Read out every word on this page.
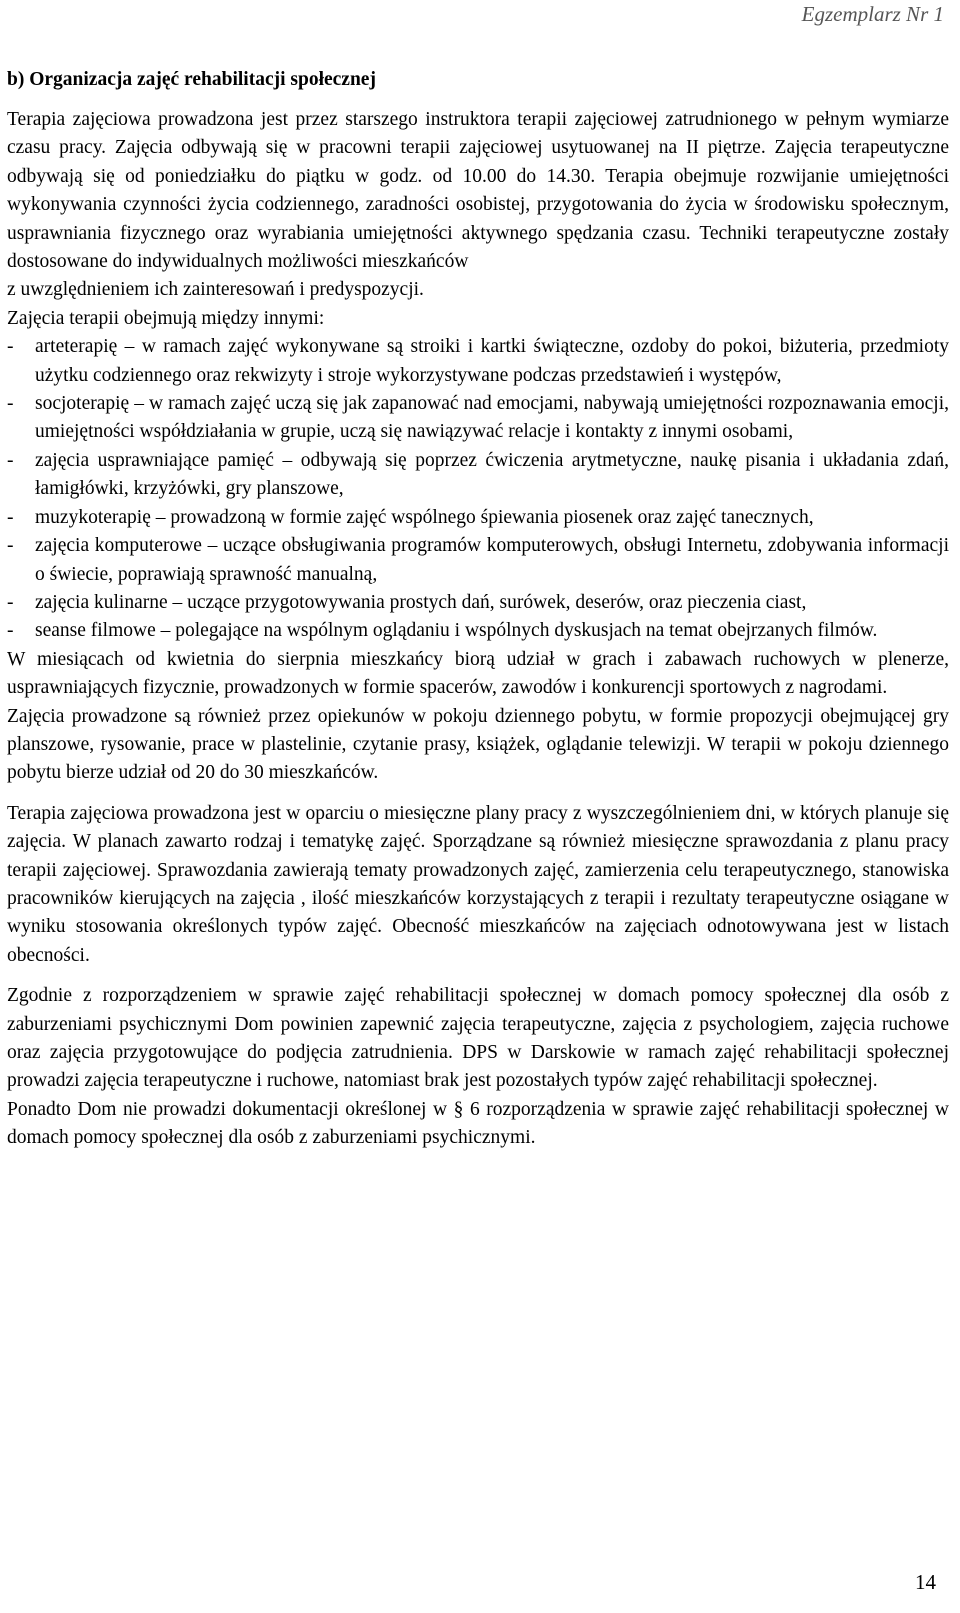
Egzemplarz Nr 1
b) Organizacja zajęć rehabilitacji społecznej

Terapia zajęciowa prowadzona jest przez starszego instruktora terapii zajęciowej zatrudnionego w pełnym wymiarze czasu pracy. Zajęcia odbywają się w pracowni terapii zajęciowej usytuowanej na II piętrze. Zajęcia terapeutyczne odbywają się od poniedziałku do piątku w godz. od 10.00 do 14.30. Terapia obejmuje rozwijanie umiejętności wykonywania czynności życia codziennego, zaradności osobistej, przygotowania do życia w środowisku społecznym, usprawniania fizycznego oraz wyrabiania umiejętności aktywnego spędzania czasu. Techniki terapeutyczne zostały dostosowane do indywidualnych możliwości mieszkańców

z uwzględnieniem ich zainteresowań i predyspozycji.

Zajęcia terapii obejmują między innymi:

- arteterapię – w ramach zajęć wykonywane są stroiki i kartki świąteczne, ozdoby do pokoi, biżuteria, przedmioty użytku codziennego oraz rekwizyty i stroje wykorzystywane podczas przedstawień i występów,
- socjoterapię – w ramach zajęć uczą się jak zapanować nad emocjami, nabywają umiejętności rozpoznawania emocji, umiejętności współdziałania w grupie, uczą się nawiązywać relacje i kontakty z innymi osobami,
- zajęcia usprawniające pamięć – odbywają się poprzez ćwiczenia arytmetyczne, naukę pisania i układania zdań, łamigłówki, krzyżówki, gry planszowe,
- muzykoterapię – prowadzoną w formie zajęć wspólnego śpiewania piosenek oraz zajęć tanecznych,
- zajęcia komputerowe – uczące obsługiwania programów komputerowych, obsługi Internetu, zdobywania informacji o świecie, poprawiają sprawność manualną,
- zajęcia kulinarne – uczące przygotowywania prostych dań, surówek, deserów, oraz pieczenia ciast,
- seanse filmowe – polegające na wspólnym oglądaniu i wspólnych dyskusjach na temat obejrzanych filmów.

W miesiącach od kwietnia do sierpnia mieszkańcy biorą udział w grach i zabawach ruchowych w plenerze, usprawniających fizycznie, prowadzonych w formie spacerów, zawodów i konkurencji sportowych z nagrodami.

Zajęcia prowadzone są również przez opiekunów w pokoju dziennego pobytu, w formie propozycji obejmującej gry planszowe, rysowanie, prace w plastelinie, czytanie prasy, książek, oglądanie telewizji. W terapii w pokoju dziennego pobytu bierze udział od 20 do 30 mieszkańców.

Terapia zajęciowa prowadzona jest w oparciu o miesięczne plany pracy z wyszczególnieniem dni, w których planuje się zajęcia. W planach zawarto rodzaj i tematykę zajęć. Sporządzane są również miesięczne sprawozdania z planu pracy terapii zajęciowej. Sprawozdania zawierają tematy prowadzonych zajęć, zamierzenia celu terapeutycznego, stanowiska pracowników kierujących na zajęcia , ilość mieszkańców korzystających z terapii i rezultaty terapeutyczne osiągane w wyniku stosowania określonych typów zajęć. Obecność mieszkańców na zajęciach odnotowywana jest w listach obecności.

Zgodnie z rozporządzeniem w sprawie zajęć rehabilitacji społecznej w domach pomocy społecznej dla osób z zaburzeniami psychicznymi Dom powinien zapewnić zajęcia terapeutyczne, zajęcia z psychologiem, zajęcia ruchowe oraz zajęcia przygotowujące do podjęcia zatrudnienia. DPS w Darskowie w ramach zajęć rehabilitacji społecznej prowadzi zajęcia terapeutyczne i ruchowe, natomiast brak jest pozostałych typów zajęć rehabilitacji społecznej.

Ponadto Dom nie prowadzi dokumentacji określonej w § 6 rozporządzenia w sprawie zajęć rehabilitacji społecznej w domach pomocy społecznej dla osób z zaburzeniami psychicznymi.

14
